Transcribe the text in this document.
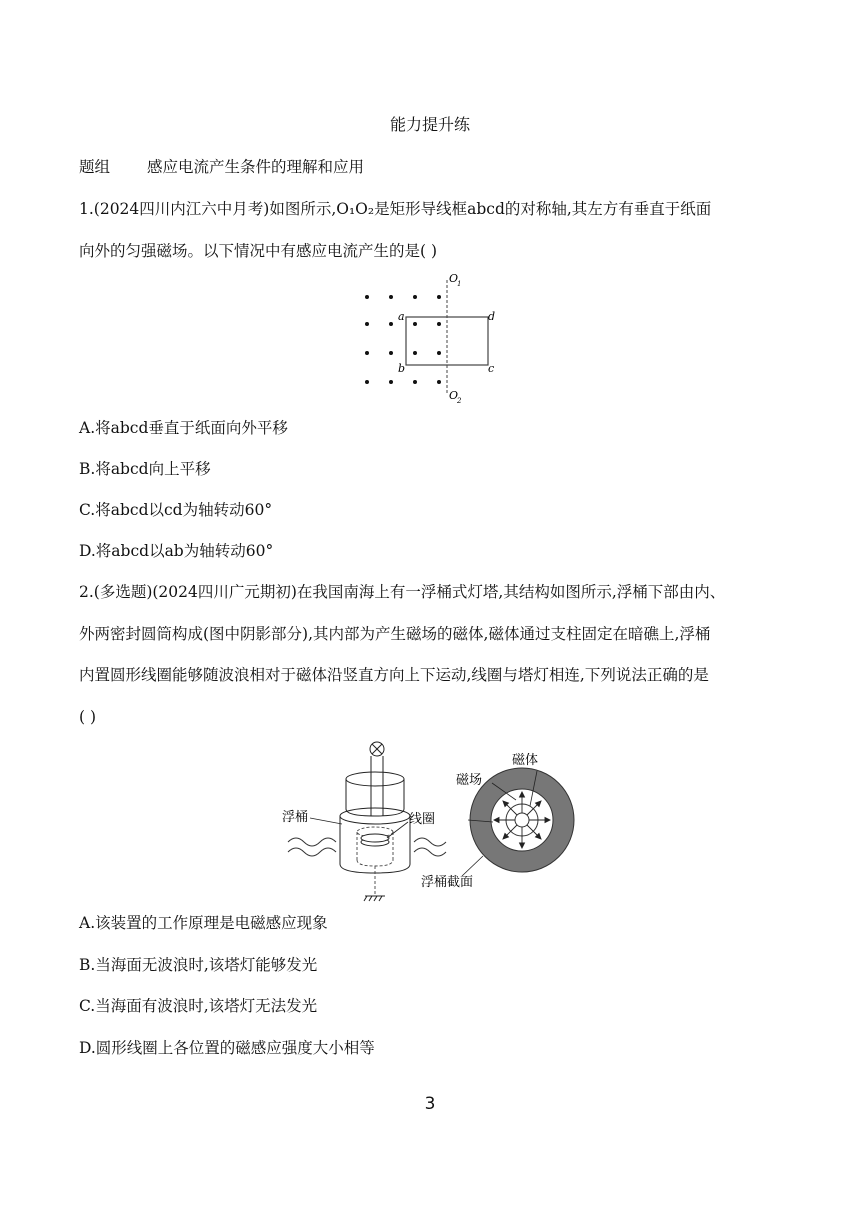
能力提升练
题组 感应电流产生条件的理解和应用
1.(2024四川内江六中月考)如图所示,O₁O₂是矩形导线框abcd的对称轴,其左方有垂直于纸面
向外的匀强磁场。以下情况中有感应电流产生的是( )
a
b	c
d
O
1
O
2
A.将abcd垂直于纸面向外平移
B.将abcd向上平移
C.将abcd以cd为轴转动60°
D.将abcd以ab为轴转动60°
2.(多选题)(2024四川广元期初)在我国南海上有一浮桶式灯塔,其结构如图所示,浮桶下部由内、
外两密封圆筒构成(图中阴影部分),其内部为产生磁场的磁体,磁体通过支柱固定在暗礁上,浮桶
内置圆形线圈能够随波浪相对于磁体沿竖直方向上下运动,线圈与塔灯相连,下列说法正确的是
( )
浮桶	线圈
磁体
磁场
浮桶截面
A.该装置的工作原理是电磁感应现象
B.当海面无波浪时,该塔灯能够发光
C.当海面有波浪时,该塔灯无法发光
D.圆形线圈上各位置的磁感应强度大小相等
3
